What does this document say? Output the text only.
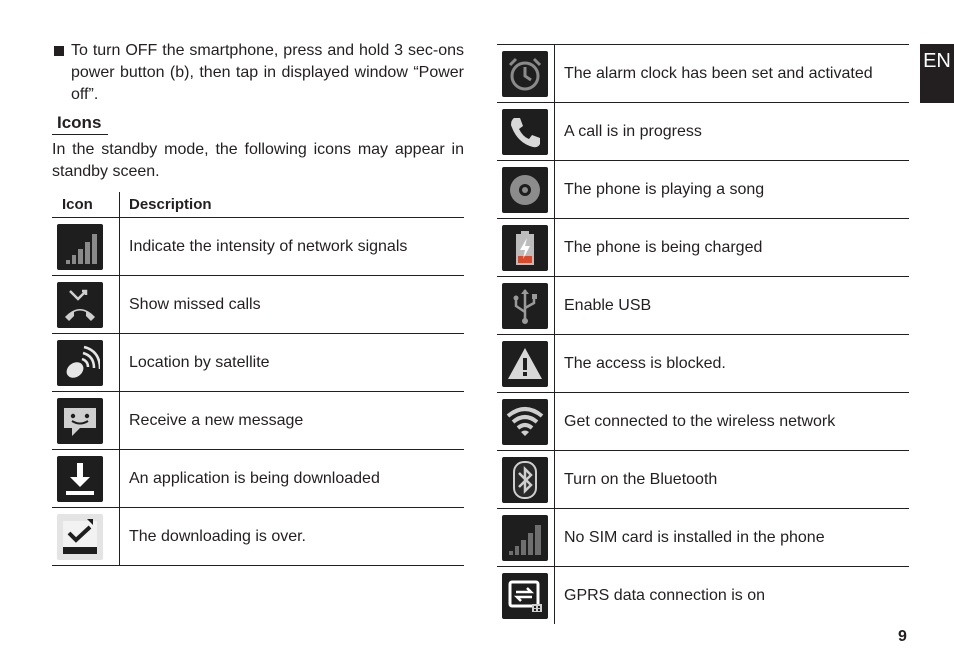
To turn OFF the smartphone, press and hold 3 sec-ons power button (b), then tap in displayed window “Power off”.
Icons
In the standby mode, the following icons may appear in standby sceen.
Icon	Description

	Indicate the intensity of network signals

	Show missed calls

	Location by satellite

	Receive a new message

	An application is being downloaded

	The downloading is over.
	The alarm clock has been set and activated

	A call is in progress

	The phone is playing a song

	The phone is being charged

	Enable USB

	The access is blocked.

	Get connected to the wireless network

	Turn on the Bluetooth

	No SIM card is installed in the phone

	GPRS data connection is on
EN
9
